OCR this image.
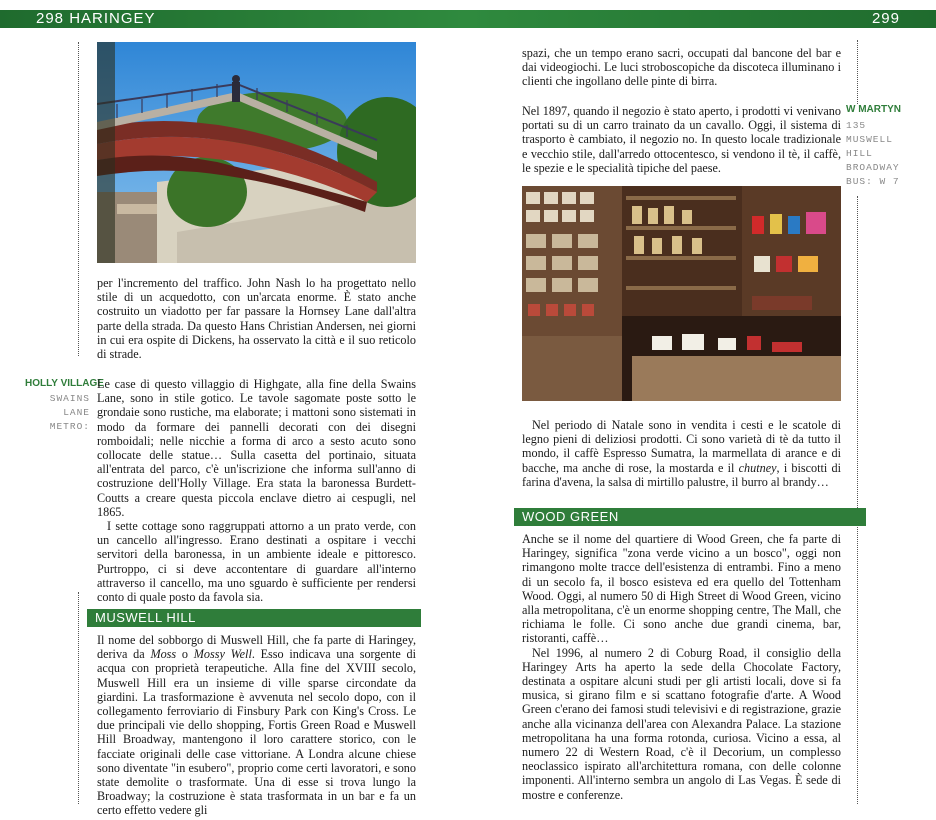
298 HARINGEY	299

per l'incremento del traffico. John Nash lo ha progettato nello stile di un acquedotto, con un'arcata enorme. È stato anche costruito un viadotto per far passare la Hornsey Lane dall'altra parte della strada. Da questo Hans Christian Andersen, nei giorni in cui era ospite di Dickens, ha osservato la città e il suo reticolo di strade.

HOLLY VILLAGE
SWAINS
LANE
METRO:

Le case di questo villaggio di Highgate, alla fine della Swains Lane, sono in stile gotico. Le tavole sagomate poste sotto le grondaie sono rustiche, ma elaborate; i mattoni sono sistemati in modo da formare dei pannelli decorati con dei disegni romboidali; nelle nicchie a forma di arco a sesto acuto sono collocate delle statue… Sulla casetta del portinaio, situata all'entrata del parco, c'è un'iscrizione che informa sull'anno di costruzione dell'Holly Village. Era stata la baronessa Burdett-Coutts a creare questa piccola enclave dietro ai cespugli, nel 1865.

I sette cottage sono raggruppati attorno a un prato verde, con un cancello all'ingresso. Erano destinati a ospitare i vecchi servitori della baronessa, in un ambiente ideale e pittoresco. Purtroppo, ci si deve accontentare di guardare all'interno attraverso il cancello, ma uno sguardo è sufficiente per rendersi conto di quale posto da favola sia.

MUSWELL HILL

Il nome del sobborgo di Muswell Hill, che fa parte di Haringey, deriva da Moss o Mossy Well. Esso indicava una sorgente di acqua con proprietà terapeutiche. Alla fine del XVIII secolo, Muswell Hill era un insieme di ville sparse circondate da giardini. La trasformazione è avvenuta nel secolo dopo, con il collegamento ferroviario di Finsbury Park con King's Cross. Le due principali vie dello shopping, Fortis Green Road e Muswell Hill Broadway, mantengono il loro carattere storico, con le facciate originali delle case vittoriane. A Londra alcune chiese sono diventate "in esubero", proprio come certi lavoratori, e sono state demolite o trasformate. Una di esse si trova lungo la Broadway; la costruzione è stata trasformata in un bar e fa un certo effetto vedere gli

spazi, che un tempo erano sacri, occupati dal bancone del bar e dai videogiochi. Le luci stroboscopiche da discoteca illuminano i clienti che ingollano delle pinte di birra.

W MARTYN
135
MUSWELL
HILL
BROADWAY
BUS: W 7

Nel 1897, quando il negozio è stato aperto, i prodotti vi venivano portati su di un carro trainato da un cavallo. Oggi, il sistema di trasporto è cambiato, il negozio no. In questo locale tradizionale e vecchio stile, dall'arredo ottocentesco, si vendono il tè, il caffè, le spezie e le specialità tipiche del paese.

Nel periodo di Natale sono in vendita i cesti e le scatole di legno pieni di deliziosi prodotti. Ci sono varietà di tè da tutto il mondo, il caffè Espresso Sumatra, la marmellata di arance e di bacche, ma anche di rose, la mostarda e il chutney, i biscotti di farina d'avena, la salsa di mirtillo palustre, il burro al brandy…

WOOD GREEN

Anche se il nome del quartiere di Wood Green, che fa parte di Haringey, significa "zona verde vicino a un bosco", oggi non rimangono molte tracce dell'esistenza di entrambi. Fino a meno di un secolo fa, il bosco esisteva ed era quello del Tottenham Wood. Oggi, al numero 50 di High Street di Wood Green, vicino alla metropolitana, c'è un enorme shopping centre, The Mall, che richiama le folle. Ci sono anche due grandi cinema, bar, ristoranti, caffè…

Nel 1996, al numero 2 di Coburg Road, il consiglio della Haringey Arts ha aperto la sede della Chocolate Factory, destinata a ospitare alcuni studi per gli artisti locali, dove si fa musica, si girano film e si scattano fotografie d'arte. A Wood Green c'erano dei famosi studi televisivi e di registrazione, grazie anche alla vicinanza dell'area con Alexandra Palace. La stazione metropolitana ha una forma rotonda, curiosa. Vicino a essa, al numero 22 di Western Road, c'è il Decorium, un complesso neoclassico ispirato all'architettura romana, con delle colonne imponenti. All'interno sembra un angolo di Las Vegas. È sede di mostre e conferenze.
